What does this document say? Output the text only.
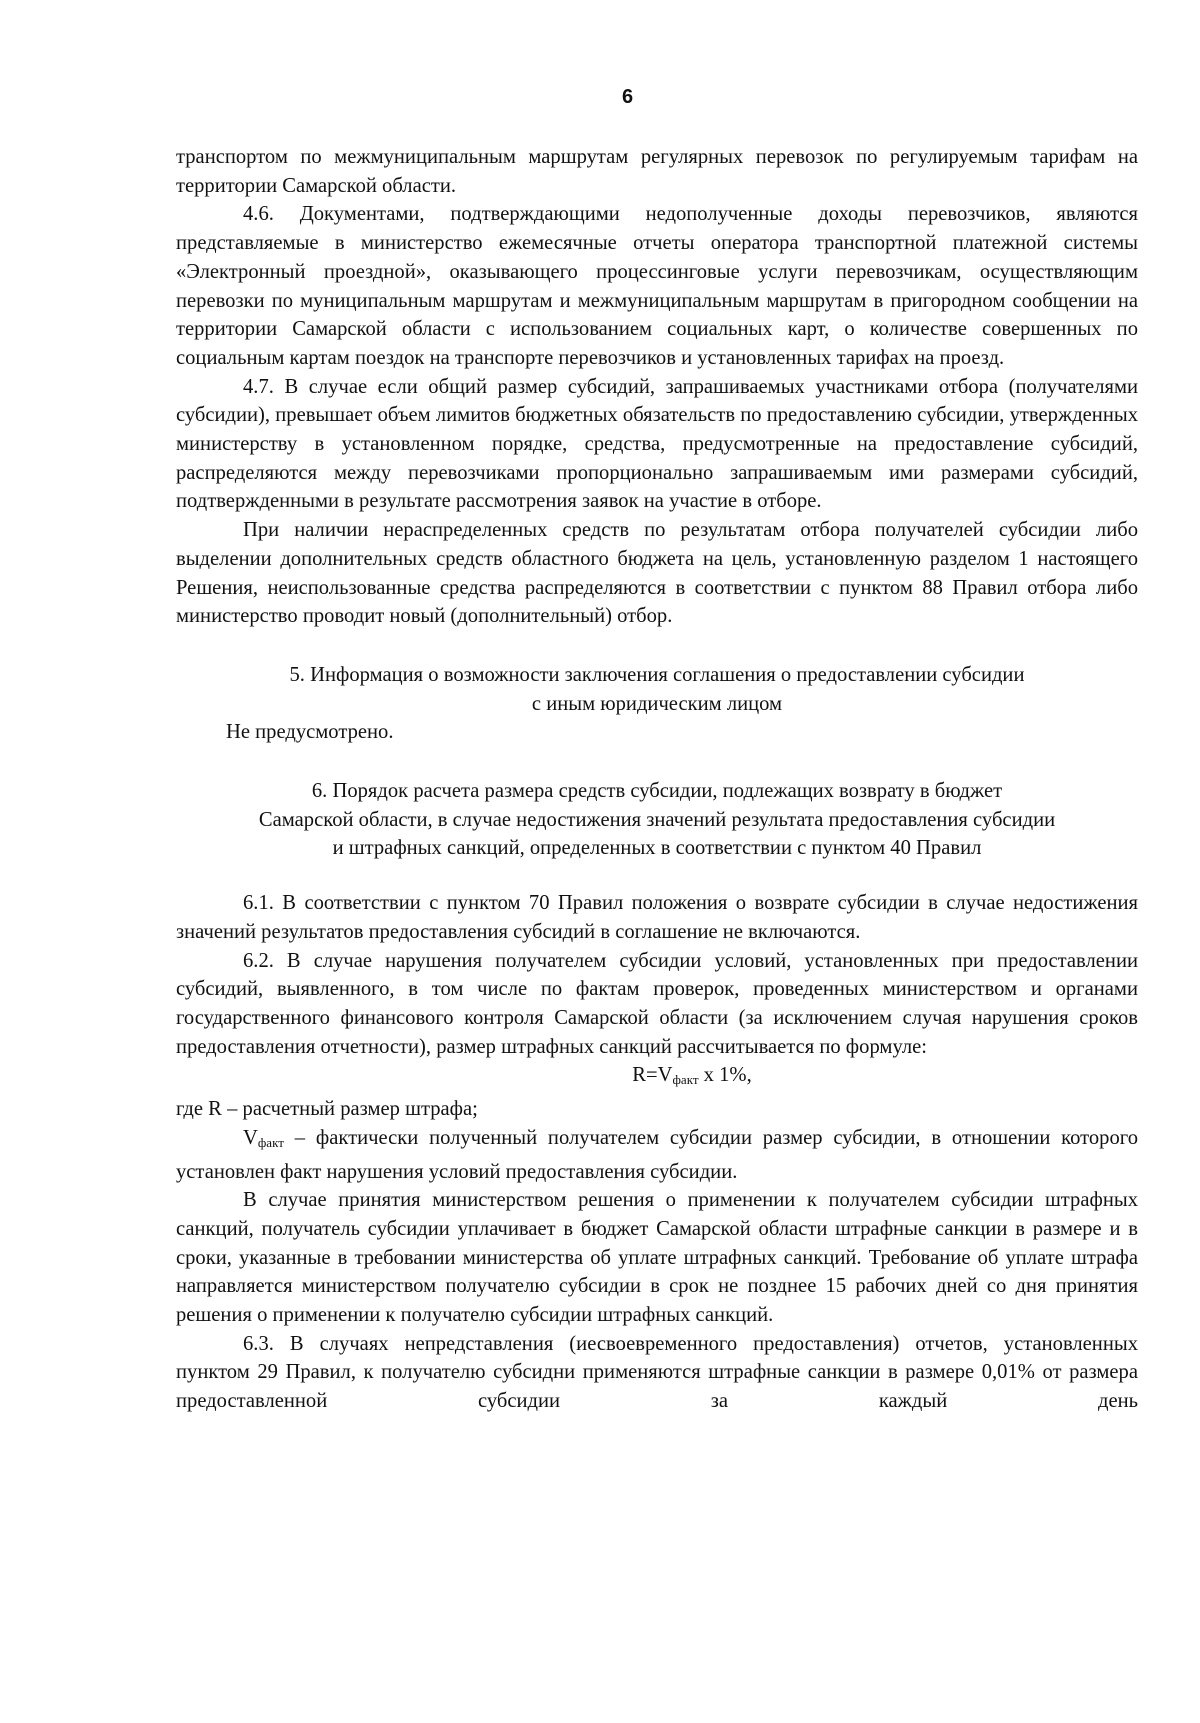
6

транспортом по межмуниципальным маршрутам регулярных перевозок по регулируемым тарифам на территории Самарской области.

4.6. Документами, подтверждающими недополученные доходы перевозчиков, являются представляемые в министерство ежемесячные отчеты оператора транспортной платежной системы «Электронный проездной», оказывающего процессинговые услуги перевозчикам, осуществляющим перевозки по муниципальным маршрутам и межмуниципальным маршрутам в пригородном сообщении на территории Самарской области с использованием социальных карт, о количестве совершенных по социальным картам поездок на транспорте перевозчиков и установленных тарифах на проезд.

4.7. В случае если общий размер субсидий, запрашиваемых участниками отбора (получателями субсидии), превышает объем лимитов бюджетных обязательств по предоставлению субсидии, утвержденных министерству в установленном порядке, средства, предусмотренные на предоставление субсидий, распределяются между перевозчиками пропорционально запрашиваемым ими размерами субсидий, подтвержденными в результате рассмотрения заявок на участие в отборе.

При наличии нераспределенных средств по результатам отбора получателей субсидии либо выделении дополнительных средств областного бюджета на цель, установленную разделом 1 настоящего Решения, неиспользованные средства распределяются в соответствии с пунктом 88 Правил отбора либо министерство проводит новый (дополнительный) отбор.

5. Информация о возможности заключения соглашения о предоставлении субсидии
с иным юридическим лицом

Не предусмотрено.

6. Порядок расчета размера средств субсидии, подлежащих возврату в бюджет
Самарской области, в случае недостижения значений результата предоставления субсидии
и штрафных санкций, определенных в соответствии с пунктом 40 Правил

6.1. В соответствии с пунктом 70 Правил положения о возврате субсидии в случае недостижения значений результатов предоставления субсидий в соглашение не включаются.

6.2. В случае нарушения получателем субсидии условий, установленных при предоставлении субсидий, выявленного, в том числе по фактам проверок, проведенных министерством и органами государственного финансового контроля Самарской области (за исключением случая нарушения сроков предоставления отчетности), размер штрафных санкций рассчитывается по формуле:

$R=V_{факт}$ x 1%,

где R – расчетный размер штрафа;

$V_{факт}$ – фактически полученный получателем субсидии размер субсидии, в отношении которого установлен факт нарушения условий предоставления субсидии.

В случае принятия министерством решения о применении к получателем субсидии штрафных санкций, получатель субсидии уплачивает в бюджет Самарской области штрафные санкции в размере и в сроки, указанные в требовании министерства об уплате штрафных санкций. Требование об уплате штрафа направляется министерством получателю субсидии в срок не позднее 15 рабочих дней со дня принятия решения о применении к получателю субсидии штрафных санкций.

6.3. В случаях непредставления (иесвоевременного предоставления) отчетов, установленных пунктом 29 Правил, к получателю субсидни применяются штрафные санкции в размере 0,01% от размера предоставленной субсидии за каждый день
